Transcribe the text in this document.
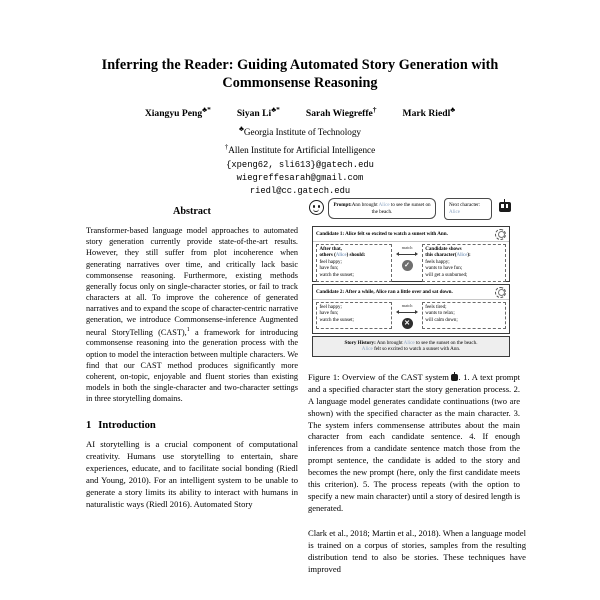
Inferring the Reader: Guiding Automated Story Generation with Commonsense Reasoning
Xiangyu Peng♣*	Siyan Li♣*	Sarah Wiegreffe†	Mark Riedl♣
♣Georgia Institute of Technology
†Allen Institute for Artificial Intelligence
{xpeng62, sli613}@gatech.edu
wiegreffesarah@gmail.com
riedl@cc.gatech.edu
Abstract
Transformer-based language model approaches to automated story generation currently provide state-of-the-art results. However, they still suffer from plot incoherence when generating narratives over time, and critically lack basic commonsense reasoning. Furthermore, existing methods generally focus only on single-character stories, or fail to track characters at all. To improve the coherence of generated narratives and to expand the scope of character-centric narrative generation, we introduce Commonsense-inference Augmented neural StoryTelling (CAST),$^1$ a framework for introducing commonsense reasoning into the generation process with the option to model the interaction between multiple characters. We find that our CAST method produces significantly more coherent, on-topic, enjoyable and fluent stories than existing models in both the single-character and two-character settings in three storytelling domains.
1 Introduction
AI storytelling is a crucial component of computational creativity. Humans use storytelling to entertain, share experiences, educate, and to facilitate social bonding (Riedl and Young, 2010). For an intelligent system to be unable to generate a story limits its ability to interact with humans in naturalistic ways (Riedl 2016). Automated Story
Prompt:Ann brought Alice to see the sunset on the beach.
Next character:
Alice
Candidate 1: Alice felt so excited to watch a sunset with Ann.
After that,
others (Alice) should:
feel happy;
have fun;
watch the sunset;
match
✓
Candidate shows
this character(Alice):
feels happy;
wants to have fun;
will get a sunburned;
Candidate 2: After a while, Alice ran a little over and sat down.
feel happy;
have fun;
watch the sunset;
match
✕
feels tired;
wants to relax;
will calm down;
Story History: Ann brought Alice to see the sunset on the beach.
Alice felt so excited to watch a sunset with Ann.
Figure 1: Overview of the CAST system . 1. A text prompt and a specified character start the story generation process. 2. A language model generates candidate continuations (two are shown) with the specified character as the main character. 3. The system infers commensense attributes about the main character from each candidate sentence. 4. If enough inferences from a candidate sentence match those from the prompt sentence, the candidate is added to the story and becomes the new prompt (here, only the first candidate meets this criterion). 5. The process repeats (with the option to specify a new main character) until a story of desired length is generated.
Clark et al., 2018; Martin et al., 2018). When a language model is trained on a corpus of stories, samples from the resulting distribution tend to also be stories. These techniques have improved
